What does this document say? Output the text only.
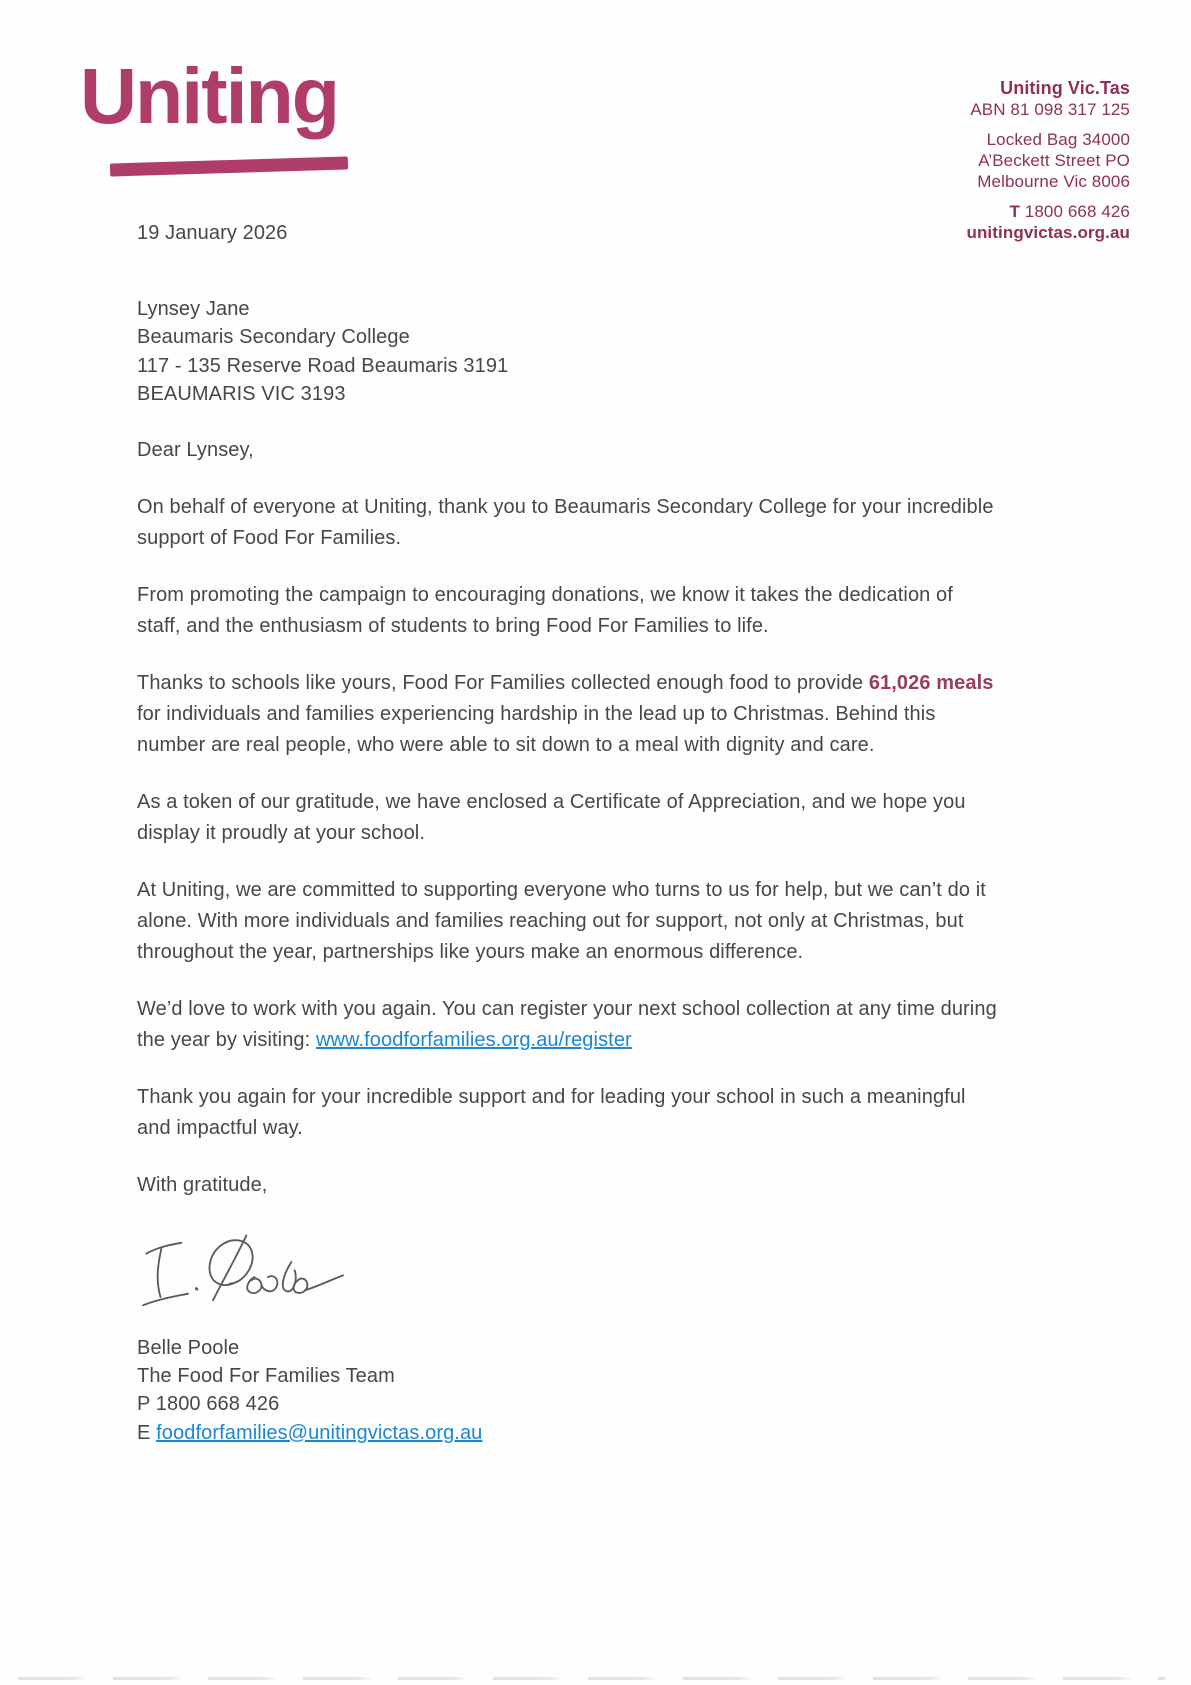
Uniting	Uniting Vic.Tas
ABN 81 098 317 125
Locked Bag 34000
A’Beckett Street PO
Melbourne Vic 8006
T 1800 668 426
unitingvictas.org.au

19 January 2026

Lynsey Jane
Beaumaris Secondary College
117 - 135 Reserve Road Beaumaris 3191
BEAUMARIS VIC 3193

Dear Lynsey,

On behalf of everyone at Uniting, thank you to Beaumaris Secondary College for your incredible support of Food For Families.

From promoting the campaign to encouraging donations, we know it takes the dedication of staff, and the enthusiasm of students to bring Food For Families to life.

Thanks to schools like yours, Food For Families collected enough food to provide 61,026 meals for individuals and families experiencing hardship in the lead up to Christmas. Behind this number are real people, who were able to sit down to a meal with dignity and care.

As a token of our gratitude, we have enclosed a Certificate of Appreciation, and we hope you display it proudly at your school.

At Uniting, we are committed to supporting everyone who turns to us for help, but we can’t do it alone. With more individuals and families reaching out for support, not only at Christmas, but throughout the year, partnerships like yours make an enormous difference.

We’d love to work with you again. You can register your next school collection at any time during the year by visiting: www.foodforfamilies.org.au/register

Thank you again for your incredible support and for leading your school in such a meaningful and impactful way.

With gratitude,

Belle Poole
The Food For Families Team
P 1800 668 426
E foodforfamilies@unitingvictas.org.au
